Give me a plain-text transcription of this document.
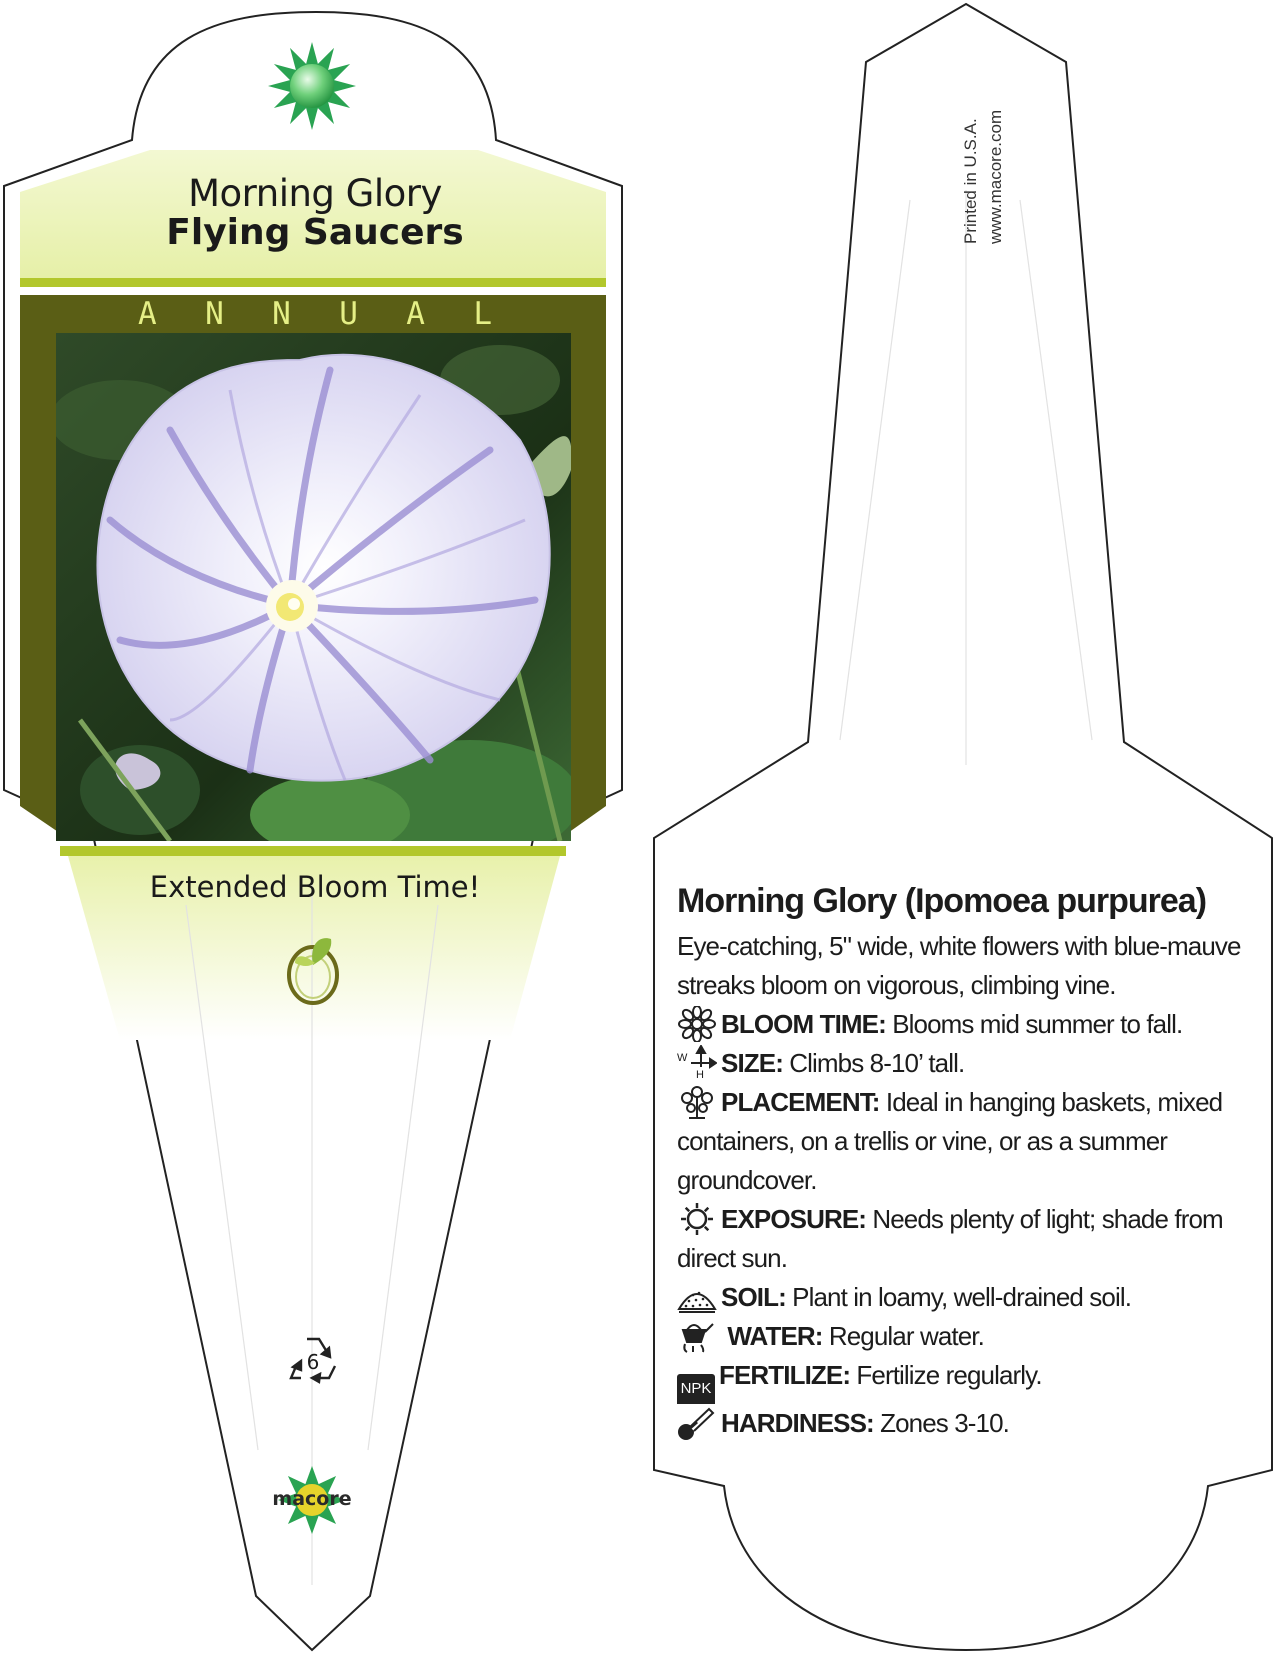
Morning Glory
Flying Saucers
A N N U A L
Extended Bloom Time!
6
macore
Printed in U.S.A. www.macore.com
Morning Glory (Ipomoea purpurea)

Eye-catching, 5" wide, white flowers with blue-mauve streaks bloom on vigorous, climbing vine.

BLOOM TIME: Blooms mid summer to fall.

W
H SIZE: Climbs 8-10’ tall.

PLACEMENT: Ideal in hanging baskets, mixed containers, on a trellis or vine, or as a summer groundcover.

EXPOSURE: Needs plenty of light; shade from direct sun.

SOIL: Plant in loamy, well-drained soil.

WATER: Regular water.

NPK FERTILIZE: Fertilize regularly.

HARDINESS: Zones 3-10.
